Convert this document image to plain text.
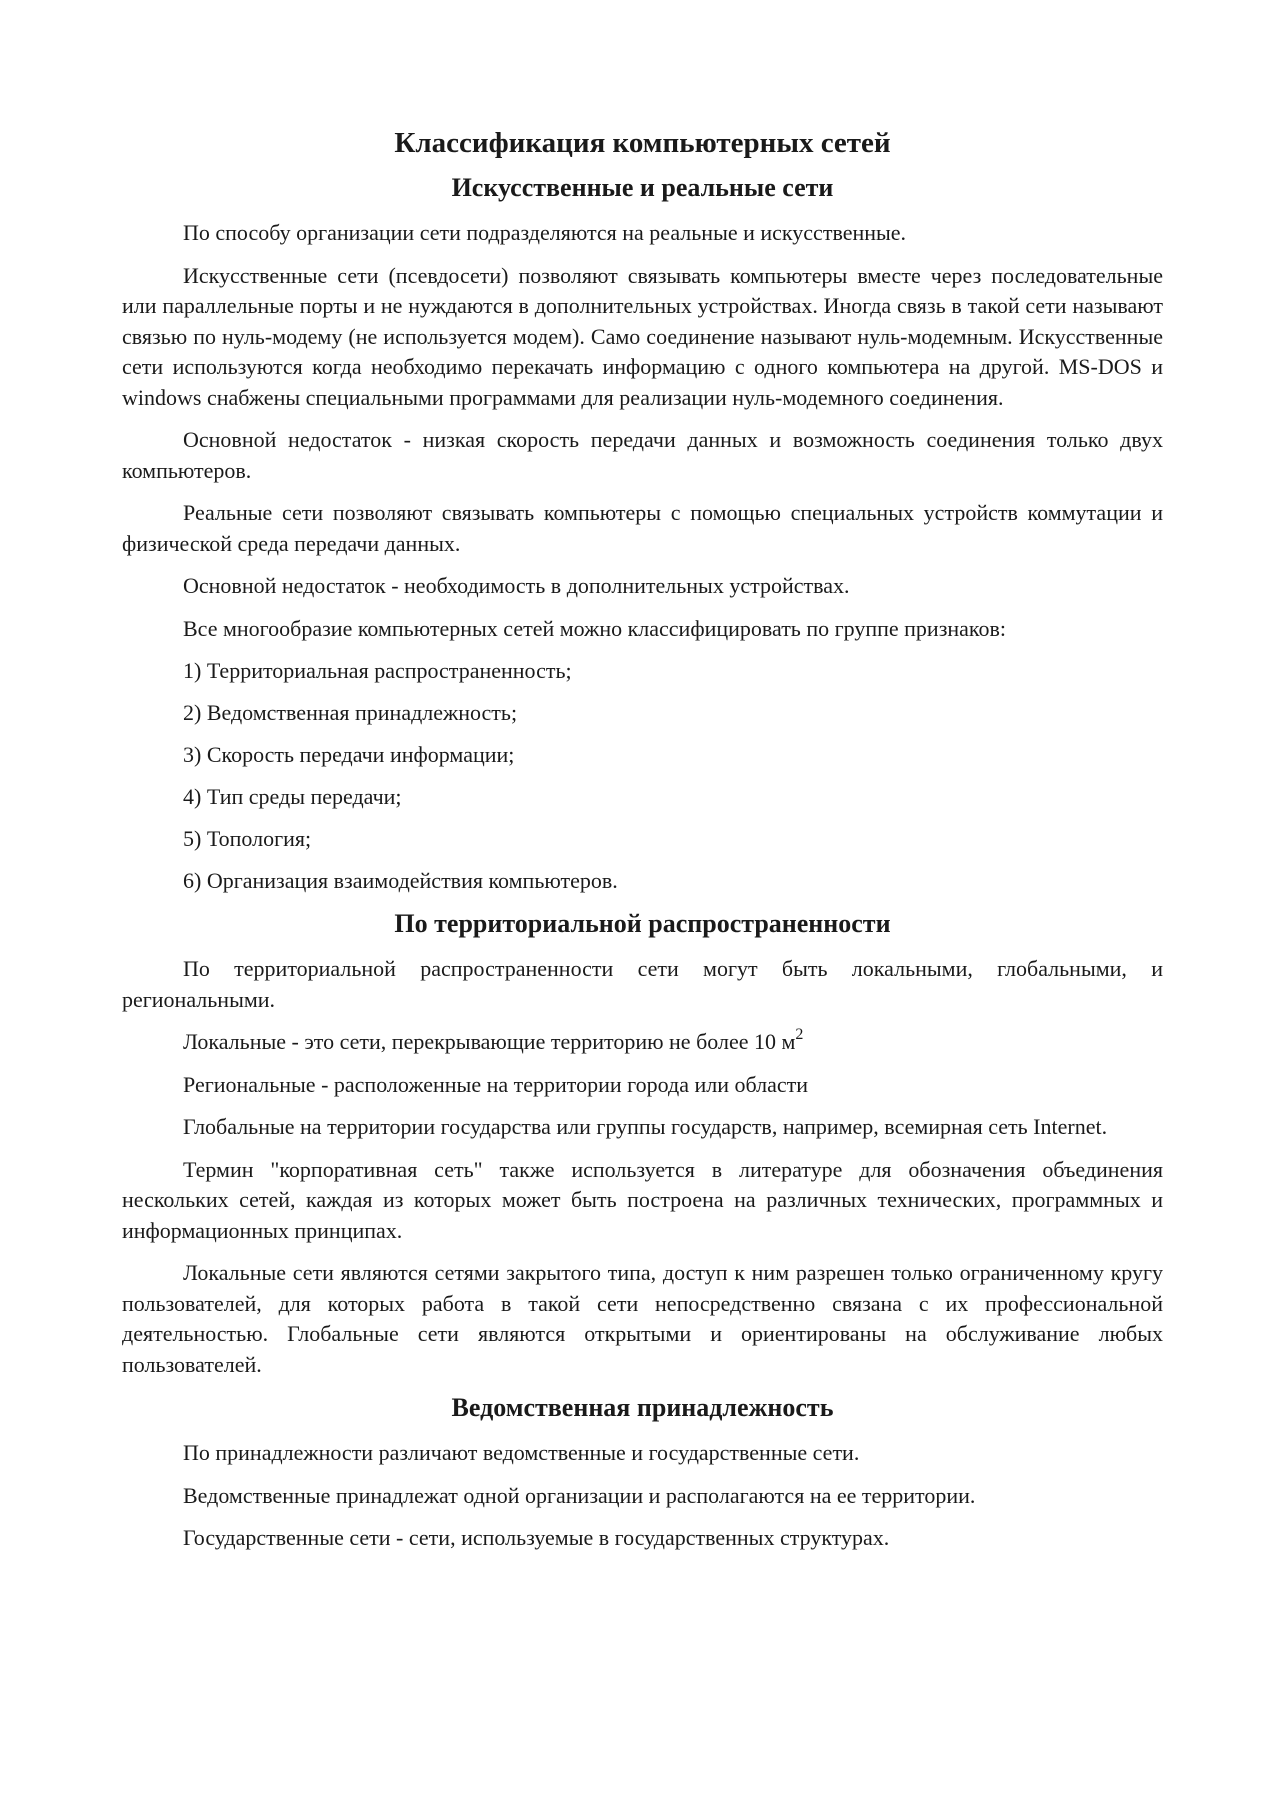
Классификация компьютерных сетей
Искусственные и реальные сети

По способу организации сети подразделяются на реальные и искусственные.

Искусственные сети (псевдосети) позволяют связывать компьютеры вместе через последовательные или параллельные порты и не нуждаются в дополнительных устройствах. Иногда связь в такой сети называют связью по нуль-модему (не используется модем). Само соединение называют нуль-модемным. Искусственные сети используются когда необходимо перекачать информацию с одного компьютера на другой. MS-DOS и windows снабжены специальными программами для реализации нуль-модемного соединения.

Основной недостаток - низкая скорость передачи данных и возможность соединения только двух компьютеров.

Реальные сети позволяют связывать компьютеры с помощью специальных устройств коммутации и физической среда передачи данных.

Основной недостаток - необходимость в дополнительных устройствах.

Все многообразие компьютерных сетей можно классифицировать по группе признаков:

1) Территориальная распространенность;
2) Ведомственная принадлежность;
3) Скорость передачи информации;
4) Тип среды передачи;
5) Топология;
6) Организация взаимодействия компьютеров.
По территориальной распространенности

По территориальной распространенности сети могут быть локальными, глобальными, и региональными.

Локальные - это сети, перекрывающие территорию не более 10 $м^2$

Региональные - расположенные на территории города или области

Глобальные на территории государства или группы государств, например, всемирная сеть Internet.

Термин "корпоративная сеть" также используется в литературе для обозначения объединения нескольких сетей, каждая из которых может быть построена на различных технических, программных и информационных принципах.

Локальные сети являются сетями закрытого типа, доступ к ним разрешен только ограниченному кругу пользователей, для которых работа в такой сети непосредственно связана с их профессиональной деятельностью. Глобальные сети являются открытыми и ориентированы на обслуживание любых пользователей.

Ведомственная принадлежность

По принадлежности различают ведомственные и государственные сети.

Ведомственные принадлежат одной организации и располагаются на ее территории.

Государственные сети - сети, используемые в государственных структурах.
